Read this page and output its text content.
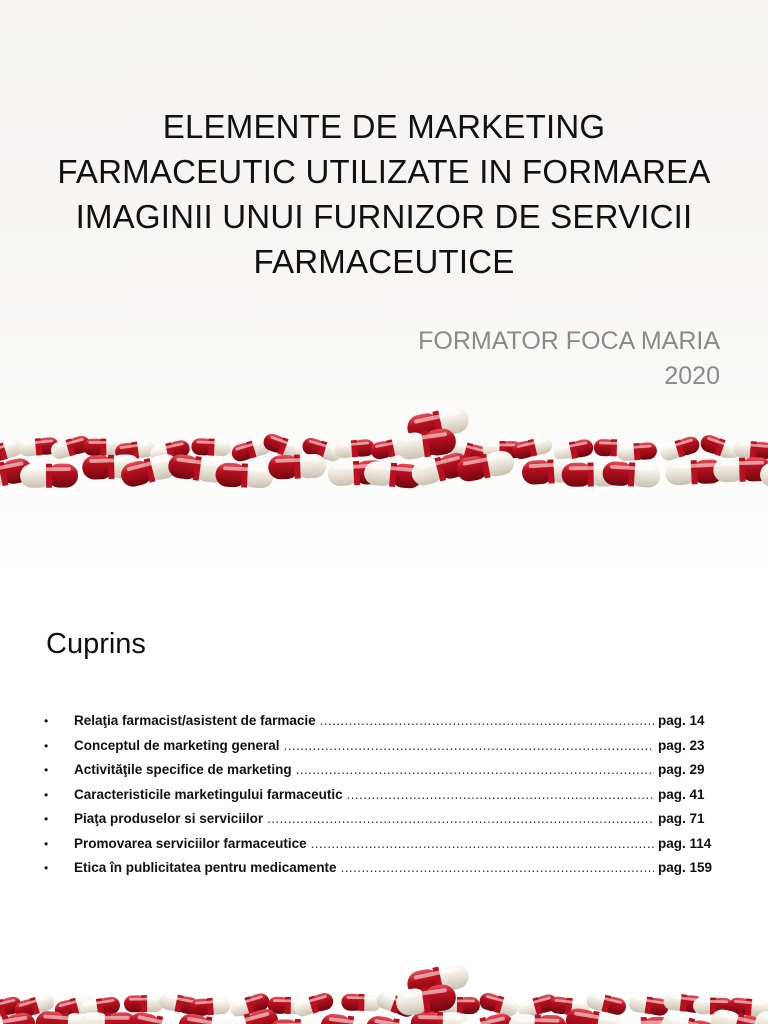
ELEMENTE DE MARKETING
FARMACEUTIC UTILIZATE IN FORMAREA
IMAGINII UNUI FURNIZOR DE SERVICII
FARMACEUTICE
FORMATOR FOCA MARIA
2020
Cuprins
•	Relaţia farmacist/asistent de farmacie .....	pag. 14
•	Conceptul de marketing general .....	pag. 23
•	Activităţile specifice de marketing .....	pag. 29
•	Caracteristicile marketingului farmaceutic .....	pag. 41
•	Piaţa produselor si serviciilor .....	pag. 71
•	Promovarea serviciilor farmaceutice .....	pag. 114
•	Etica în publicitatea pentru medicamente .....	pag. 159
